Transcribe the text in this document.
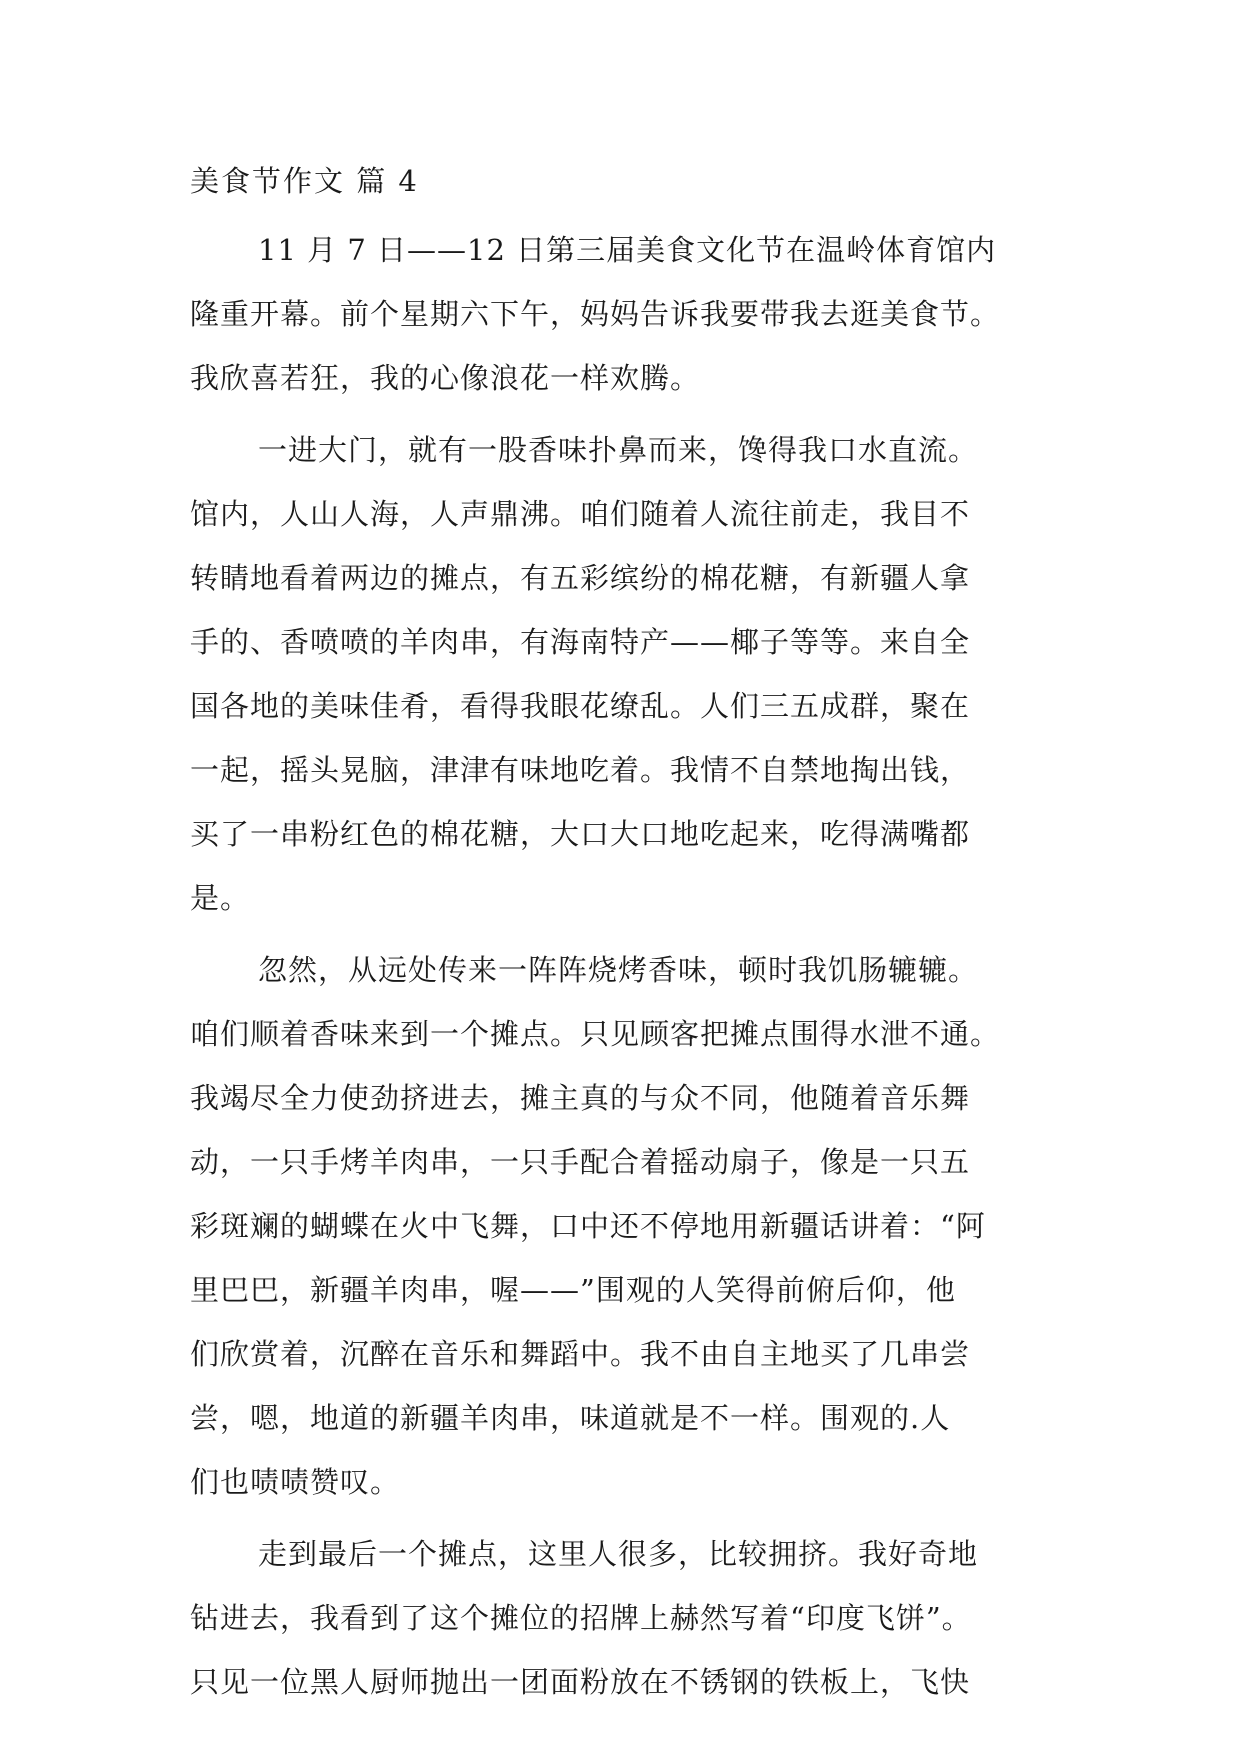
美食节作文 篇 4
11 月 7 日——12 日第三届美食文化节在温岭体育馆内
隆重开幕。前个星期六下午，妈妈告诉我要带我去逛美食节。
我欣喜若狂，我的心像浪花一样欢腾。
一进大门，就有一股香味扑鼻而来，馋得我口水直流。
馆内，人山人海，人声鼎沸。咱们随着人流往前走，我目不
转睛地看着两边的摊点，有五彩缤纷的棉花糖，有新疆人拿
手的、香喷喷的羊肉串，有海南特产——椰子等等。来自全
国各地的美味佳肴，看得我眼花缭乱。人们三五成群，聚在
一起，摇头晃脑，津津有味地吃着。我情不自禁地掏出钱，
买了一串粉红色的棉花糖，大口大口地吃起来，吃得满嘴都
是。
忽然，从远处传来一阵阵烧烤香味，顿时我饥肠辘辘。
咱们顺着香味来到一个摊点。只见顾客把摊点围得水泄不通。
我竭尽全力使劲挤进去，摊主真的与众不同，他随着音乐舞
动，一只手烤羊肉串，一只手配合着摇动扇子，像是一只五
彩斑斓的蝴蝶在火中飞舞，口中还不停地用新疆话讲着：“阿
里巴巴，新疆羊肉串，喔——”围观的人笑得前俯后仰，他
们欣赏着，沉醉在音乐和舞蹈中。我不由自主地买了几串尝
尝，嗯，地道的新疆羊肉串，味道就是不一样。围观的.人
们也啧啧赞叹。
走到最后一个摊点，这里人很多，比较拥挤。我好奇地
钻进去，我看到了这个摊位的招牌上赫然写着“印度飞饼”。
只见一位黑人厨师抛出一团面粉放在不锈钢的铁板上，飞快
